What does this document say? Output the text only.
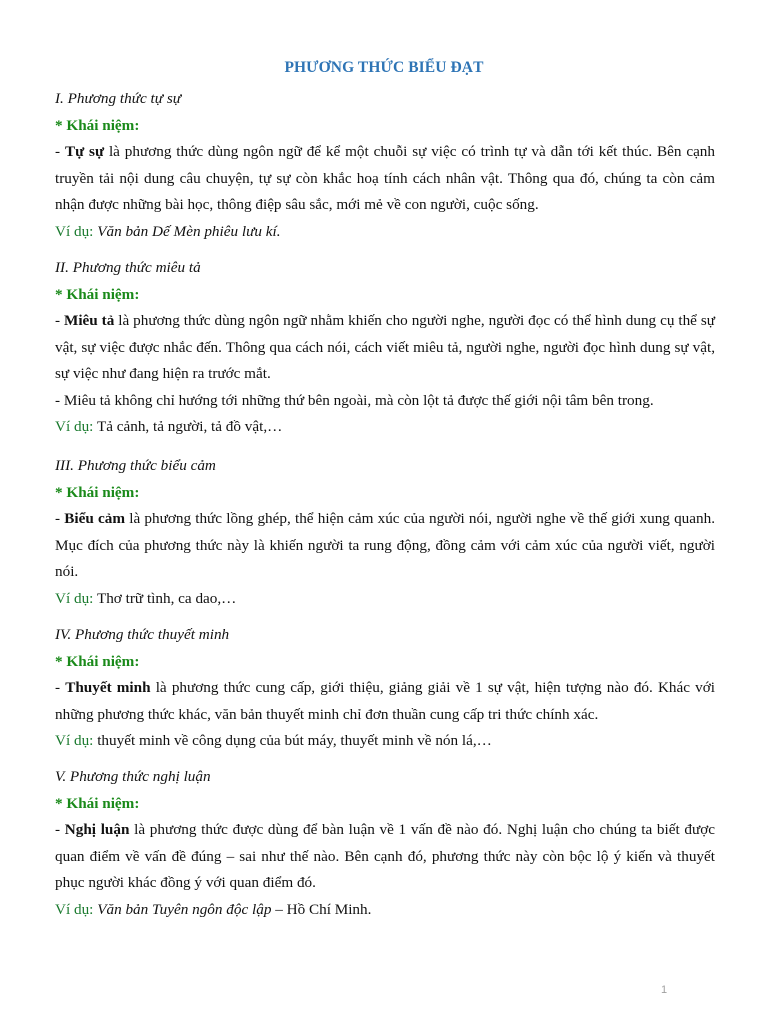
PHƯƠNG THỨC BIỂU ĐẠT
I. Phương thức tự sự
* Khái niệm:
- Tự sự là phương thức dùng ngôn ngữ để kể một chuỗi sự việc có trình tự và dẫn tới kết thúc. Bên cạnh truyền tải nội dung câu chuyện, tự sự còn khắc hoạ tính cách nhân vật. Thông qua đó, chúng ta còn cảm nhận được những bài học, thông điệp sâu sắc, mới mẻ về con người, cuộc sống.
Ví dụ: Văn bản Dế Mèn phiêu lưu kí.
II. Phương thức miêu tả
* Khái niệm:
- Miêu tả là phương thức dùng ngôn ngữ nhằm khiến cho người nghe, người đọc có thể hình dung cụ thể sự vật, sự việc được nhắc đến. Thông qua cách nói, cách viết miêu tả, người nghe, người đọc hình dung sự vật, sự việc như đang hiện ra trước mắt.
- Miêu tả không chỉ hướng tới những thứ bên ngoài, mà còn lột tả được thế giới nội tâm bên trong.
Ví dụ: Tả cảnh, tả người, tả đồ vật,…
III. Phương thức biểu cảm
* Khái niệm:
- Biểu cảm là phương thức lồng ghép, thể hiện cảm xúc của người nói, người nghe về thế giới xung quanh. Mục đích của phương thức này là khiến người ta rung động, đồng cảm với cảm xúc của người viết, người nói.
Ví dụ: Thơ trữ tình, ca dao,…
IV. Phương thức thuyết minh
* Khái niệm:
- Thuyết minh là phương thức cung cấp, giới thiệu, giảng giải về 1 sự vật, hiện tượng nào đó. Khác với những phương thức khác, văn bản thuyết minh chỉ đơn thuần cung cấp tri thức chính xác.
Ví dụ: thuyết minh về công dụng của bút máy, thuyết minh về nón lá,…
V. Phương thức nghị luận
* Khái niệm:
- Nghị luận là phương thức được dùng để bàn luận về 1 vấn đề nào đó. Nghị luận cho chúng ta biết được quan điểm về vấn đề đúng – sai như thế nào. Bên cạnh đó, phương thức này còn bộc lộ ý kiến và thuyết phục người khác đồng ý với quan điểm đó.
Ví dụ: Văn bản Tuyên ngôn độc lập – Hồ Chí Minh.
1
